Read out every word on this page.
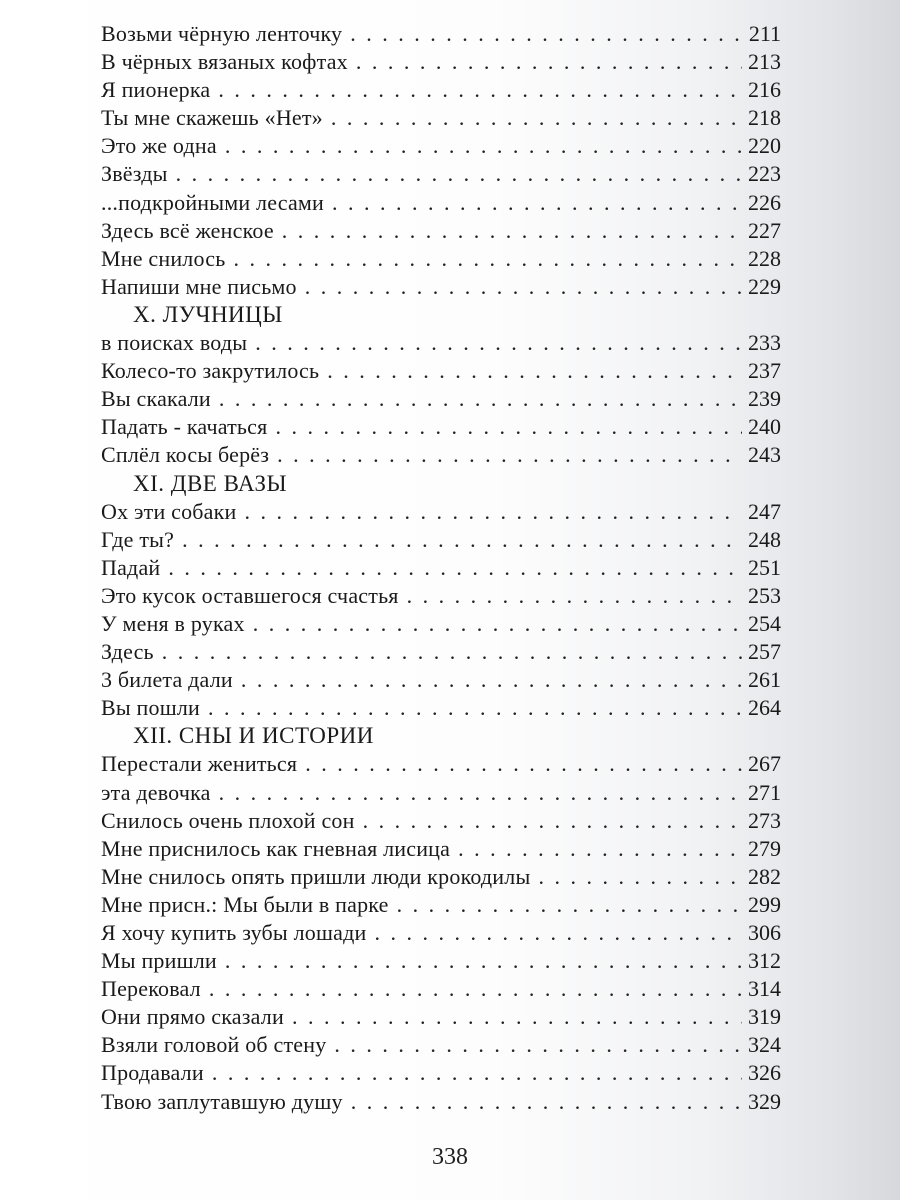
Возьми чёрную ленточку . . .	211
В чёрных вязаных кофтах . . .	213
Я пионерка . . .	216
Ты мне скажешь «Нет» . . .	218
Это же одна . . .	220
Звёзды . . .	223
...подкройными лесами . . .	226
Здесь всё женское . . .	227
Мне снилось . . .	228
Напиши мне письмо . . .	229
X. ЛУЧНИЦЫ
в поисках воды . . .	233
Колесо-то закрутилось . . .	237
Вы скакали . . .	239
Падать - качаться . . .	240
Сплёл косы берёз . . .	243
XI. ДВЕ ВАЗЫ
Ох эти собаки . . .	247
Где ты? . . .	248
Падай . . .	251
Это кусок оставшегося счастья . . .	253
У меня в руках . . .	254
Здесь . . .	257
3 билета дали . . .	261
Вы пошли . . .	264
XII. СНЫ И ИСТОРИИ
Перестали жениться . . .	267
эта девочка . . .	271
Снилось очень плохой сон . . .	273
Мне приснилось как гневная лисица . . .	279
Мне снилось опять пришли люди крокодилы . . .	282
Мне присн.: Мы были в парке . . .	299
Я хочу купить зубы лошади . . .	306
Мы пришли . . .	312
Перековал . . .	314
Они прямо сказали . . .	319
Взяли головой об стену . . .	324
Продавали . . .	326
Твою заплутавшую душу . . .	329
338
